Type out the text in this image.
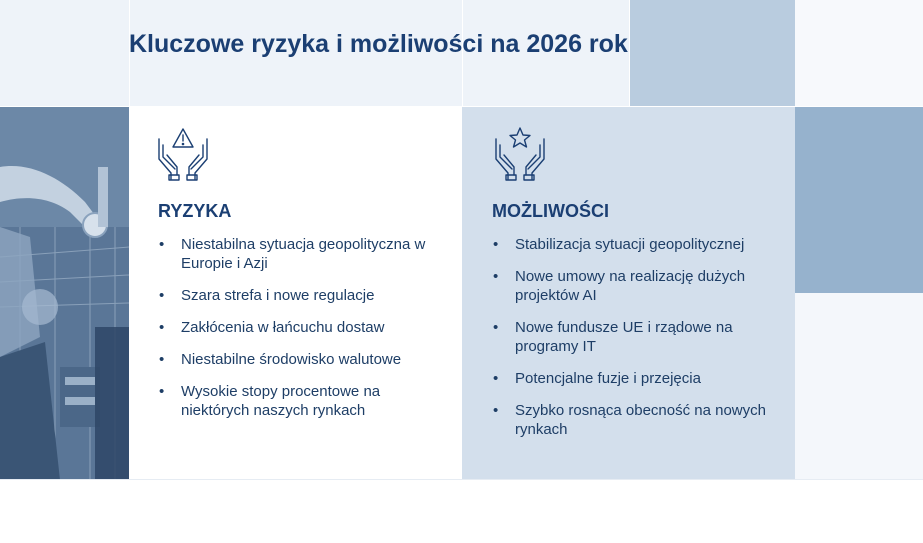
Kluczowe ryzyka i możliwości na 2026 rok
RYZYKA
• Niestabilna sytuacja geopolityczna w Europie i Azji
• Szara strefa i nowe regulacje
• Zakłócenia w łańcuchu dostaw
• Niestabilne środowisko walutowe
• Wysokie stopy procentowe na niektórych naszych rynkach
MOŻLIWOŚCI
• Stabilizacja sytuacji geopolitycznej
• Nowe umowy na realizację dużych projektów AI
• Nowe fundusze UE i rządowe na programy IT
• Potencjalne fuzje i przejęcia
• Szybko rosnąca obecność na nowych rynkach
